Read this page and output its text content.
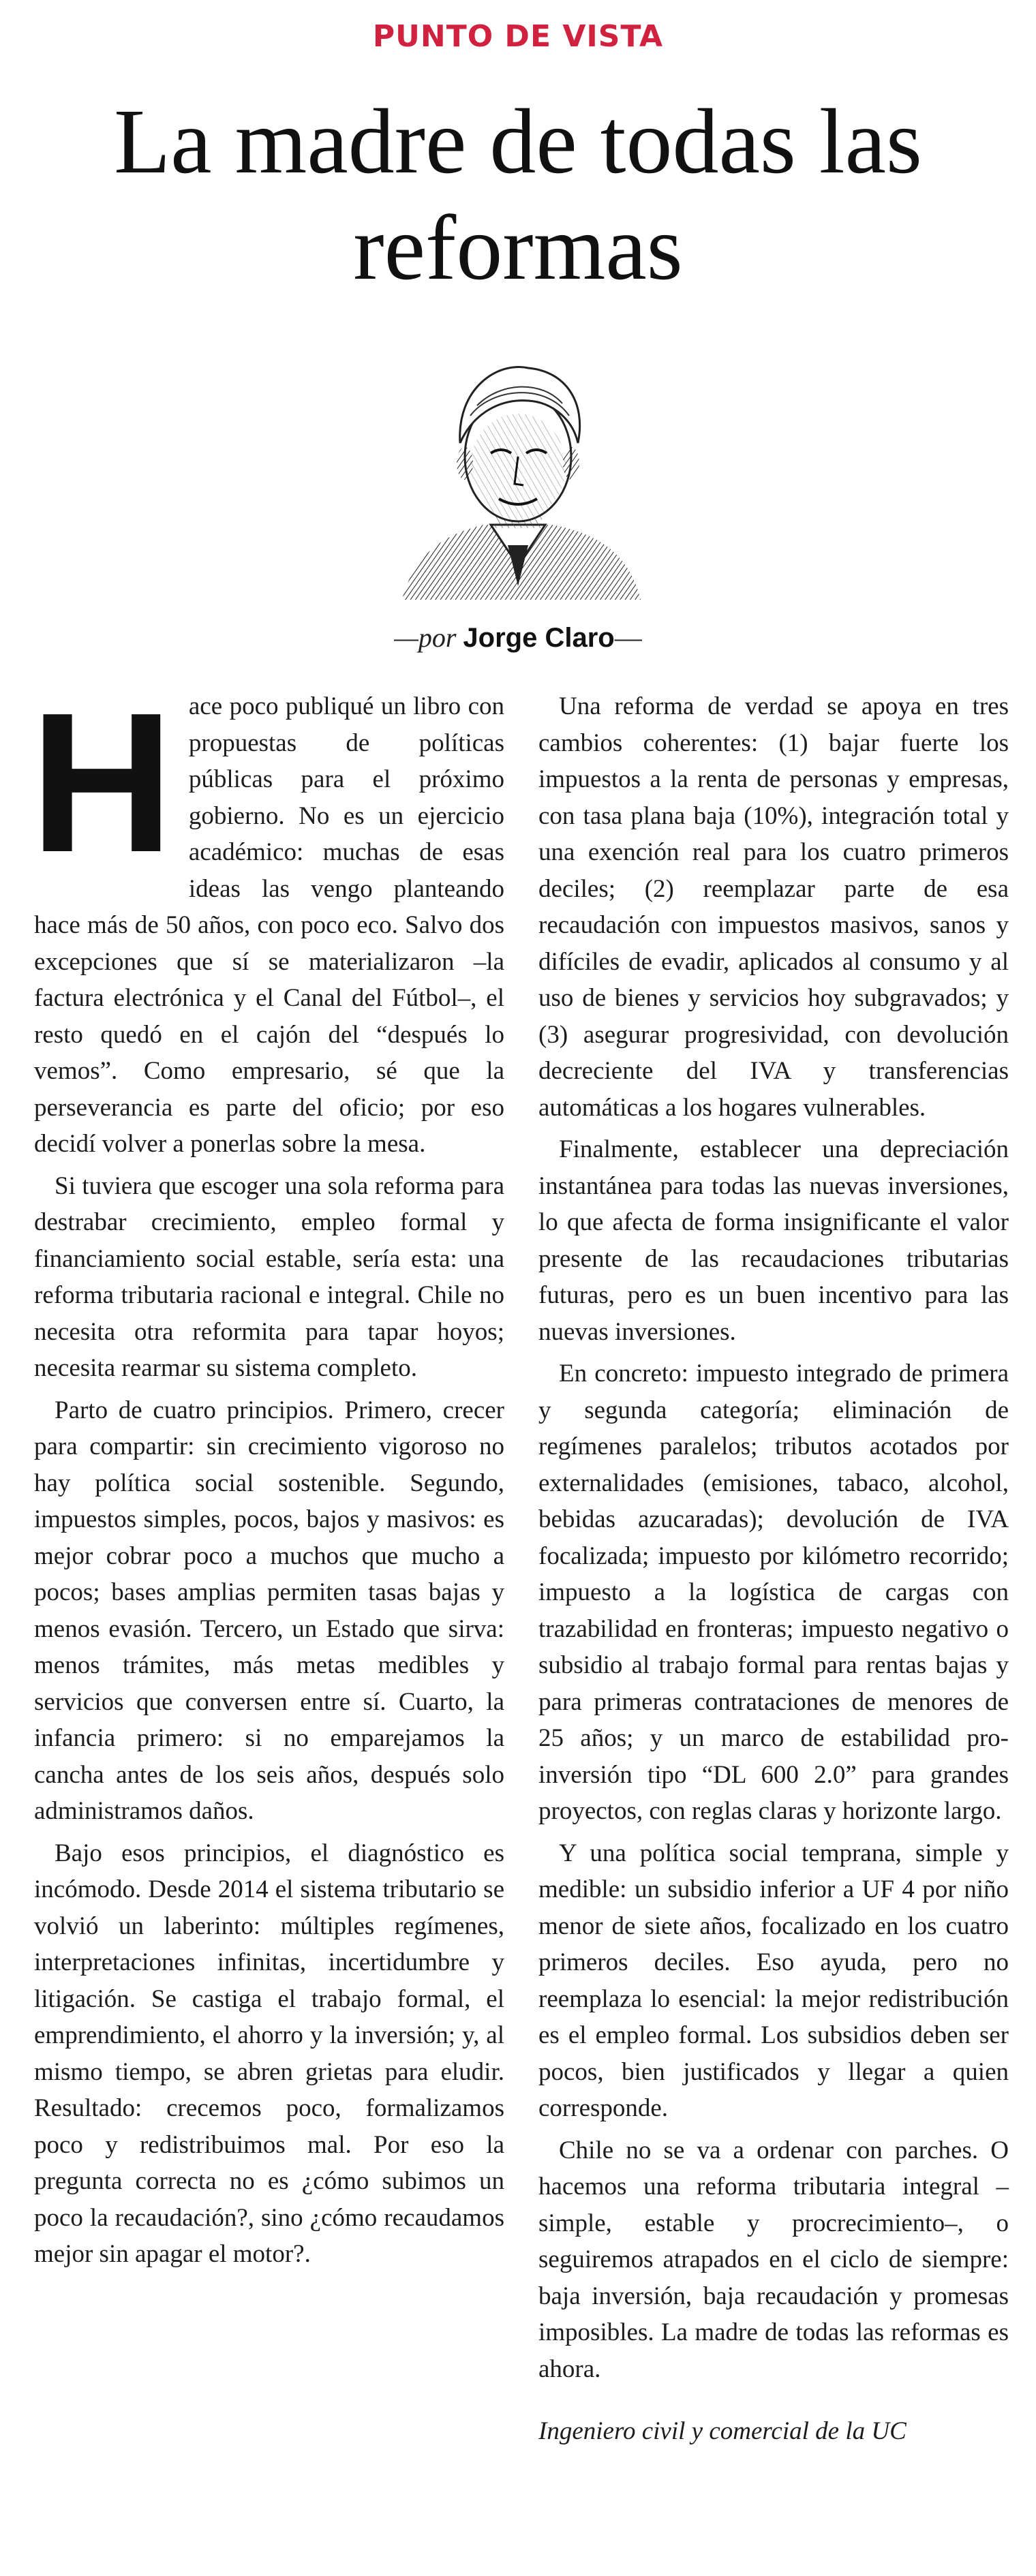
PUNTO DE VISTA
La madre de todas las reformas
—por Jorge Claro—

Hace poco publiqué un libro con propuestas de políticas públicas para el próximo gobierno. No es un ejercicio académico: muchas de esas ideas las vengo planteando hace más de 50 años, con poco eco. Salvo dos excepciones que sí se materializaron –la factura electrónica y el Canal del Fútbol–, el resto quedó en el cajón del “después lo vemos”. Como empresario, sé que la perseverancia es parte del oficio; por eso decidí volver a ponerlas sobre la mesa.

Si tuviera que escoger una sola reforma para destrabar crecimiento, empleo formal y financiamiento social estable, sería esta: una reforma tributaria racional e integral. Chile no necesita otra reformita para tapar hoyos; necesita rearmar su sistema completo.

Parto de cuatro principios. Primero, crecer para compartir: sin crecimiento vigoroso no hay política social sostenible. Segundo, impuestos simples, pocos, bajos y masivos: es mejor cobrar poco a muchos que mucho a pocos; bases amplias permiten tasas bajas y menos evasión. Tercero, un Estado que sirva: menos trámites, más metas medibles y servicios que conversen entre sí. Cuarto, la infancia primero: si no emparejamos la cancha antes de los seis años, después solo administramos daños.

Bajo esos principios, el diagnóstico es incómodo. Desde 2014 el sistema tributario se volvió un laberinto: múltiples regímenes, interpretaciones infinitas, incertidumbre y litigación. Se castiga el trabajo formal, el emprendimiento, el ahorro y la inversión; y, al mismo tiempo, se abren grietas para eludir. Resultado: crecemos poco, formalizamos poco y redistribuimos mal. Por eso la pregunta correcta no es ¿cómo subimos un poco la recaudación?, sino ¿cómo recaudamos mejor sin apagar el motor?.

Una reforma de verdad se apoya en tres cambios coherentes: (1) bajar fuerte los impuestos a la renta de personas y empresas, con tasa plana baja (10%), integración total y una exención real para los cuatro primeros deciles; (2) reemplazar parte de esa recaudación con impuestos masivos, sanos y difíciles de evadir, aplicados al consumo y al uso de bienes y servicios hoy subgravados; y (3) asegurar progresividad, con devolución decreciente del IVA y transferencias automáticas a los hogares vulnerables.

Finalmente, establecer una depreciación instantánea para todas las nuevas inversiones, lo que afecta de forma insignificante el valor presente de las recaudaciones tributarias futuras, pero es un buen incentivo para las nuevas inversiones.

En concreto: impuesto integrado de primera y segunda categoría; eliminación de regímenes paralelos; tributos acotados por externalidades (emisiones, tabaco, alcohol, bebidas azucaradas); devolución de IVA focalizada; impuesto por kilómetro recorrido; impuesto a la logística de cargas con trazabilidad en fronteras; impuesto negativo o subsidio al trabajo formal para rentas bajas y para primeras contrataciones de menores de 25 años; y un marco de estabilidad pro-inversión tipo “DL 600 2.0” para grandes proyectos, con reglas claras y horizonte largo.

Y una política social temprana, simple y medible: un subsidio inferior a UF 4 por niño menor de siete años, focalizado en los cuatro primeros deciles. Eso ayuda, pero no reemplaza lo esencial: la mejor redistribución es el empleo formal. Los subsidios deben ser pocos, bien justificados y llegar a quien corresponde.

Chile no se va a ordenar con parches. O hacemos una reforma tributaria integral –simple, estable y procrecimiento–, o seguiremos atrapados en el ciclo de siempre: baja inversión, baja recaudación y promesas imposibles. La madre de todas las reformas es ahora.

Ingeniero civil y comercial de la UC
